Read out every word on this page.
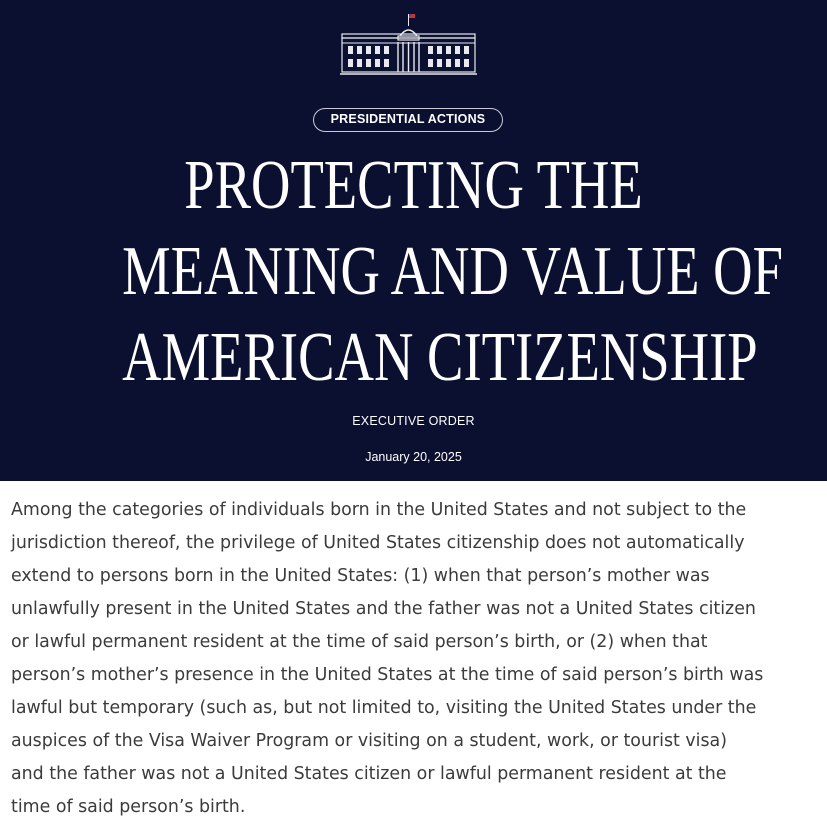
PRESIDENTIAL ACTIONS
PROTECTING THE
MEANING AND VALUE OF
AMERICAN CITIZENSHIP
EXECUTIVE ORDER
January 20, 2025

Among the categories of individuals born in the United States and not subject to the
jurisdiction thereof, the privilege of United States citizenship does not automatically
extend to persons born in the United States: (1) when that person’s mother was
unlawfully present in the United States and the father was not a United States citizen
or lawful permanent resident at the time of said person’s birth, or (2) when that
person’s mother’s presence in the United States at the time of said person’s birth was
lawful but temporary (such as, but not limited to, visiting the United States under the
auspices of the Visa Waiver Program or visiting on a student, work, or tourist visa)
and the father was not a United States citizen or lawful permanent resident at the
time of said person’s birth.
